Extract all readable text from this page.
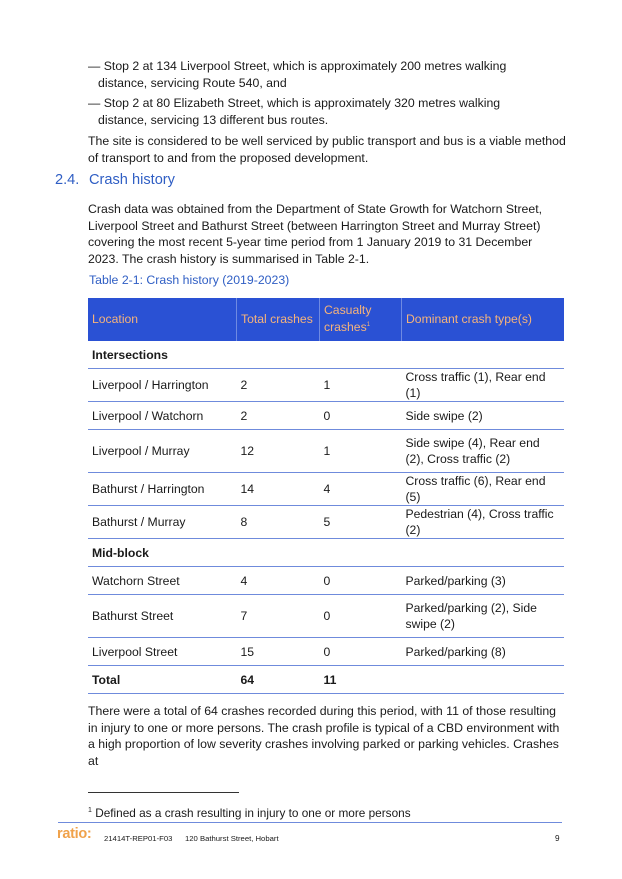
— Stop 2 at 134 Liverpool Street, which is approximately 200 metres walking distance, servicing Route 540, and
— Stop 2 at 80 Elizabeth Street, which is approximately 320 metres walking distance, servicing 13 different bus routes.
The site is considered to be well serviced by public transport and bus is a viable method of transport to and from the proposed development.
2.4. Crash history
Crash data was obtained from the Department of State Growth for Watchorn Street, Liverpool Street and Bathurst Street (between Harrington Street and Murray Street) covering the most recent 5-year time period from 1 January 2019 to 31 December 2023. The crash history is summarised in Table 2-1.
Table 2-1: Crash history (2019-2023)
Location	Total crashes	Casualty crashes$^1$	Dominant crash type(s)
Intersections			
Liverpool / Harrington	2	1	Cross traffic (1), Rear end (1)
Liverpool / Watchorn	2	0	Side swipe (2)
Liverpool / Murray	12	1	Side swipe (4), Rear end (2), Cross traffic (2)
Bathurst / Harrington	14	4	Cross traffic (6), Rear end (5)
Bathurst / Murray	8	5	Pedestrian (4), Cross traffic (2)
Mid-block			
Watchorn Street	4	0	Parked/parking (3)
Bathurst Street	7	0	Parked/parking (2), Side swipe (2)
Liverpool Street	15	0	Parked/parking (8)
Total	64	11	
There were a total of 64 crashes recorded during this period, with 11 of those resulting in injury to one or more persons. The crash profile is typical of a CBD environment with a high proportion of low severity crashes involving parked or parking vehicles. Crashes at
$^1$ Defined as a crash resulting in injury to one or more persons
ratio: 21414T-REP01-F03 120 Bathurst Street, Hobart	9
